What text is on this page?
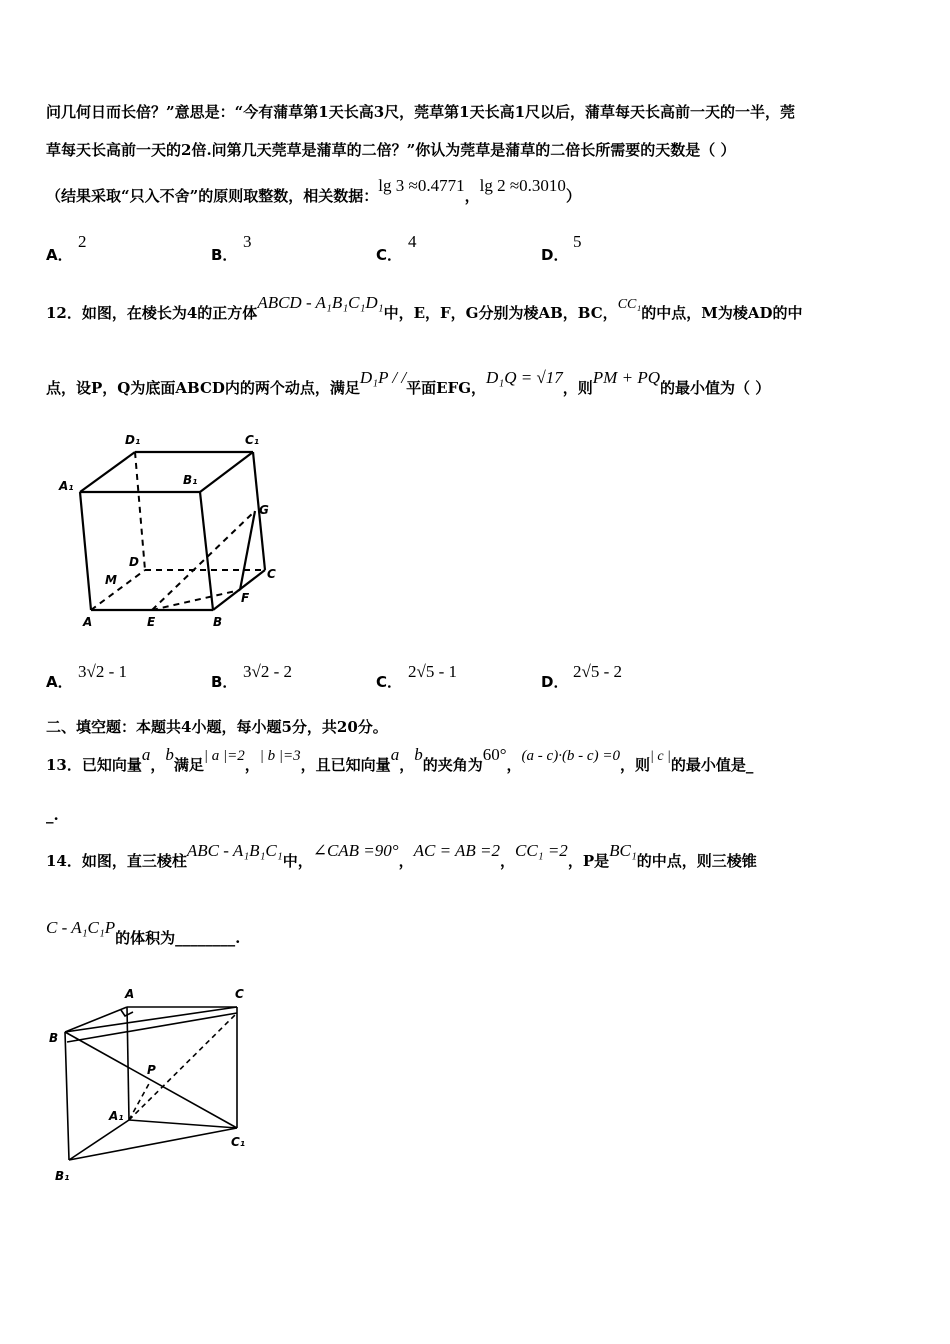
问几何日而长倍？”意思是：“今有蒲草第1天长高3尺，莞草第1天长高1尺以后，蒲草每天长高前一天的一半，莞
草每天长高前一天的2倍.问第几天莞草是蒲草的二倍？”你认为莞草是蒲草的二倍长所需要的天数是（ ）
（结果采取“只入不舍”的原则取整数，相关数据：lg 3 ≈0.4771，lg 2 ≈0.3010）
A．
2
B．
3
C．
4
D．
5
12．如图，在棱长为4的正方体ABCD - A₁B₁C₁D₁中，E，F，G分别为棱AB，BC，CC₁的中点，M为棱AD的中
点，设P，Q为底面ABCD内的两个动点，满足D₁P / /平面EFG，D₁Q = √17，则PM + PQ的最小值为（ ）
D₁	C₁
A₁	B₁
G
D
M	C
F
A	E	B
A．
3√2 - 1
B．
3√2 - 2
C．
2√5 - 1
D．
2√5 - 2
二、填空题：本题共4小题，每小题5分，共20分。
13．已知向量a，b满足| a |=2，| b |=3，且已知向量a，b的夹角为60°，(a - c)∙(b - c) =0，则| c |的最小值是_
_.
14．如图，直三棱柱ABC - A₁B₁C₁中，∠CAB =90°，AC = AB =2，CC₁ =2，P是BC₁的中点，则三棱锥
C - A₁C₁P的体积为________.
A	C
B
P
A₁
C₁
B₁
